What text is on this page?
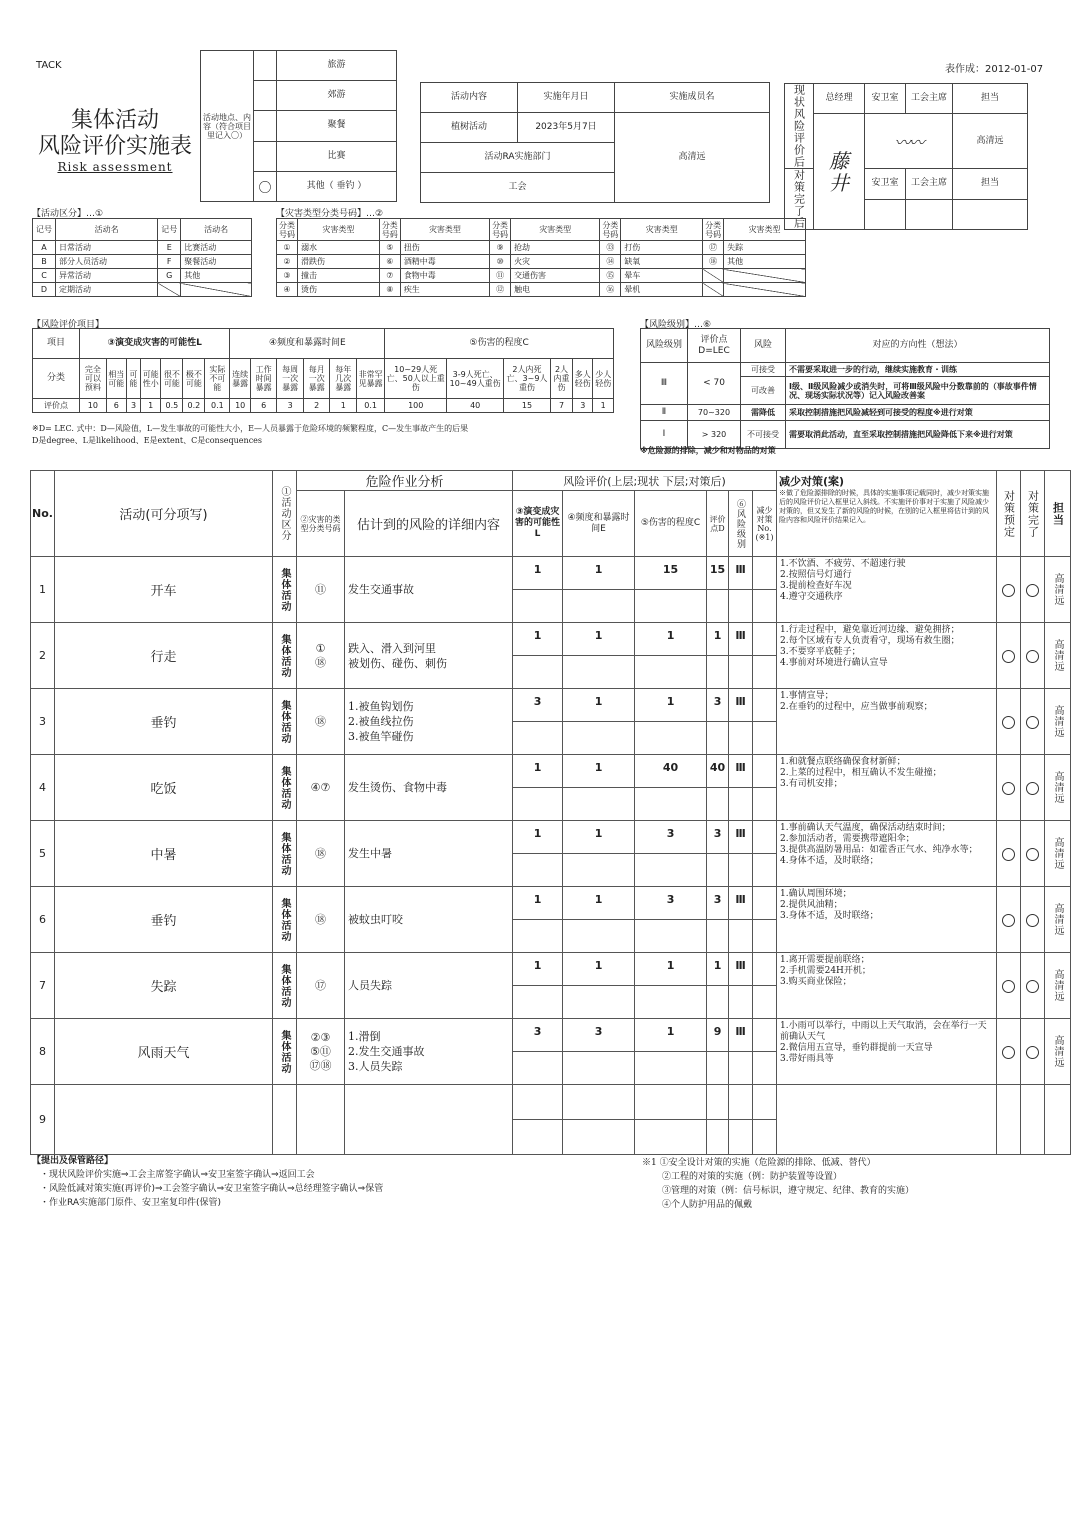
TACK	表作成：2012-01-07
集体活动
风险评价实施表
Risk assessment
活动地点、内容（符合项目里记入〇）		旅游
		郊游
		聚餐
		比赛
	〇	其他（ 垂钓 ）
活动内容	实施年月日	实施成员名
植树活动	2023年5月7日	高清远
活动RA实施部门		
工会		
现状风险评价后	总经理	安卫室	工会主席	担当

	藤井	〰〰		高清远

对策完了后		安卫室	工会主席	担当

【活动区分】…①
记号	活动名	记号	活动名
A	日常活动	E	比赛活动
B	部分人员活动	F	聚餐活动
C	异常活动	G	其他
D	定期活动		
【灾害类型分类号码】…②
分类号码	灾害类型	分类号码	灾害类型	分类号码	灾害类型	分类号码	灾害类型	分类号码	灾害类型
①	溺水	⑤	扭伤	⑨	抢劫	⑬	打伤	⑰	失踪
②	滑跌伤	⑥	酒精中毒	⑩	火灾	⑭	缺氧	⑱	其他
③	撞击	⑦	食物中毒	⑪	交通伤害	⑮	晕车		
④	烫伤	⑧	疾生	⑫	触电	⑯	晕机		
【风险评价项目】
项目	③演变成灾害的可能性L							④频度和暴露时间E						⑤伤害的程度C					
分类	完全可以预料	相当可能	可能	可能性小	很不可能	极不可能	实际不可能	连续暴露	工作时间暴露	每周一次暴露	每月一次暴露	每年几次暴露	非常罕见暴露	10~29人死亡、50人以上重伤	3-9人死亡、10~49人重伤	2人内死亡、3~9人重伤	2人内重伤	多人轻伤	少人轻伤
评价点	10	6	3	1	0.5	0.2	0.1	10	6	3	2	1	0.1	100	40	15	7	3	1
※D= LEC. 式中：D—风险值，L—发生事故的可能性大小，E—人员暴露于危险环境的频繁程度，C—发生事故产生的后果
D是degree、L是likelihood、E是extent、C是consequences
【风险级别】…⑥
风险级别	评价点D=LEC	风险	对应的方向性（想法）
Ⅲ	< 70	可接受	不需要采取进一步的行动，继续实施教育・训练
		可改善	Ⅰ级、Ⅱ级风险减少或消失时，可将Ⅲ级风险中分数靠前的（事故事件情况、现场实际状况等）记入风险改善案
Ⅱ	70~320	需降低	采取控制措施把风险减轻到可接受的程度※进行对策
Ⅰ	> 320	不可接受	需要取消此活动，直至采取控制措施把风险降低下来※进行对策
※危险源的排除，减少和对物品的对策
No.	活动(可分项写)	①活动区分	危险作业分析		风险评价(上层;现状 下层;对策后)						减少对策(案)
※做了危险源排除的时候，具体的实施事项记载同时，减少对策实施后的风险评价记入框里记入斜线。不实施评价事对于实施了风险减少对策的，但又发生了新的风险的时候，在别的记入框里将估计到的风险内容和风险评价结果记入。	对策预定	对策完了	担当

			②灾害的类型分类号码	估计到的风险的详细内容	③演变成灾害的可能性L	④频度和暴露时间E	⑤伤害的程度C	评价点D	⑥风险级别	减少对策No.(※1)				

1	开车	集体活动	⑪	发生交通事故	1	1	15	15	Ⅲ		1.不饮酒、不疲劳、不超速行驶
2.按照信号灯通行
3.提前检查好车况
4.遵守交通秩序			高清远

2	行走	集体活动	①
⑱	跌入、滑入到河里
被划伤、碰伤、刺伤	1	1	1	1	Ⅲ		1.行走过程中，避免靠近河边缘、避免拥挤；
2.每个区域有专人负责看守，现场有救生圈；
3.不要穿平底鞋子；
4.事前对环境进行确认宣导			高清远

3	垂钓	集体活动	⑱	1.被鱼钩划伤
2.被鱼线拉伤
3.被鱼竿碰伤	3	1	1	3	Ⅲ		1.事情宣导；
2.在垂钓的过程中，应当做事前观察；			高清远

4	吃饭	集体活动	④⑦	发生烫伤、食物中毒	1	1	40	40	Ⅲ		1.和就餐点联络确保食材新鲜；
2.上菜的过程中，相互确认不发生碰撞；
3.有司机安排；			高清远

5	中暑	集体活动	⑱	发生中暑	1	1	3	3	Ⅲ		1.事前确认天气温度，确保活动结束时间；
2.参加活动者，需要携带遮阳伞；
3.提供高温防暑用品：如霍香正气水、纯净水等；
4.身体不适，及时联络；			高清远

6	垂钓	集体活动	⑱	被蚊虫叮咬	1	1	3	3	Ⅲ		1.确认周围环境；
2.提供风油精；
3.身体不适，及时联络；			高清远

7	失踪	集体活动	⑰	人员失踪	1	1	1	1	Ⅲ		1.离开需要提前联络；
2.手机需要24H开机；
3.购买商业保险；			高清远

8	风雨天气	集体活动	②③
⑤⑪
⑰⑱	1.滑倒
2.发生交通事故
3.人员失踪	3	3	1	9	Ⅲ		1.小雨可以举行，中雨以上天气取消，会在举行一天前确认天气
2.微信用五宣导，垂钓群提前一天宣导
3.带好雨具等			高清远

9														

【提出及保管路径】
・现状风险评价实施⇒工会主席签字确认⇒安卫室签字确认⇒返回工会
・风险低减对策实施(再评价)⇒工会签字确认⇒安卫室签字确认⇒总经理签字确认⇒保管
・作业RA实施部门原件、安卫室复印件(保管)
※1 ①安全设计对策的实施（危险源的排除、低减、替代）
②工程的对策的实施（例：防护装置等设置）
③管理的对策（例：信号标识，遵守规定、纪律、教育的实施）
④个人防护用品的佩戴
